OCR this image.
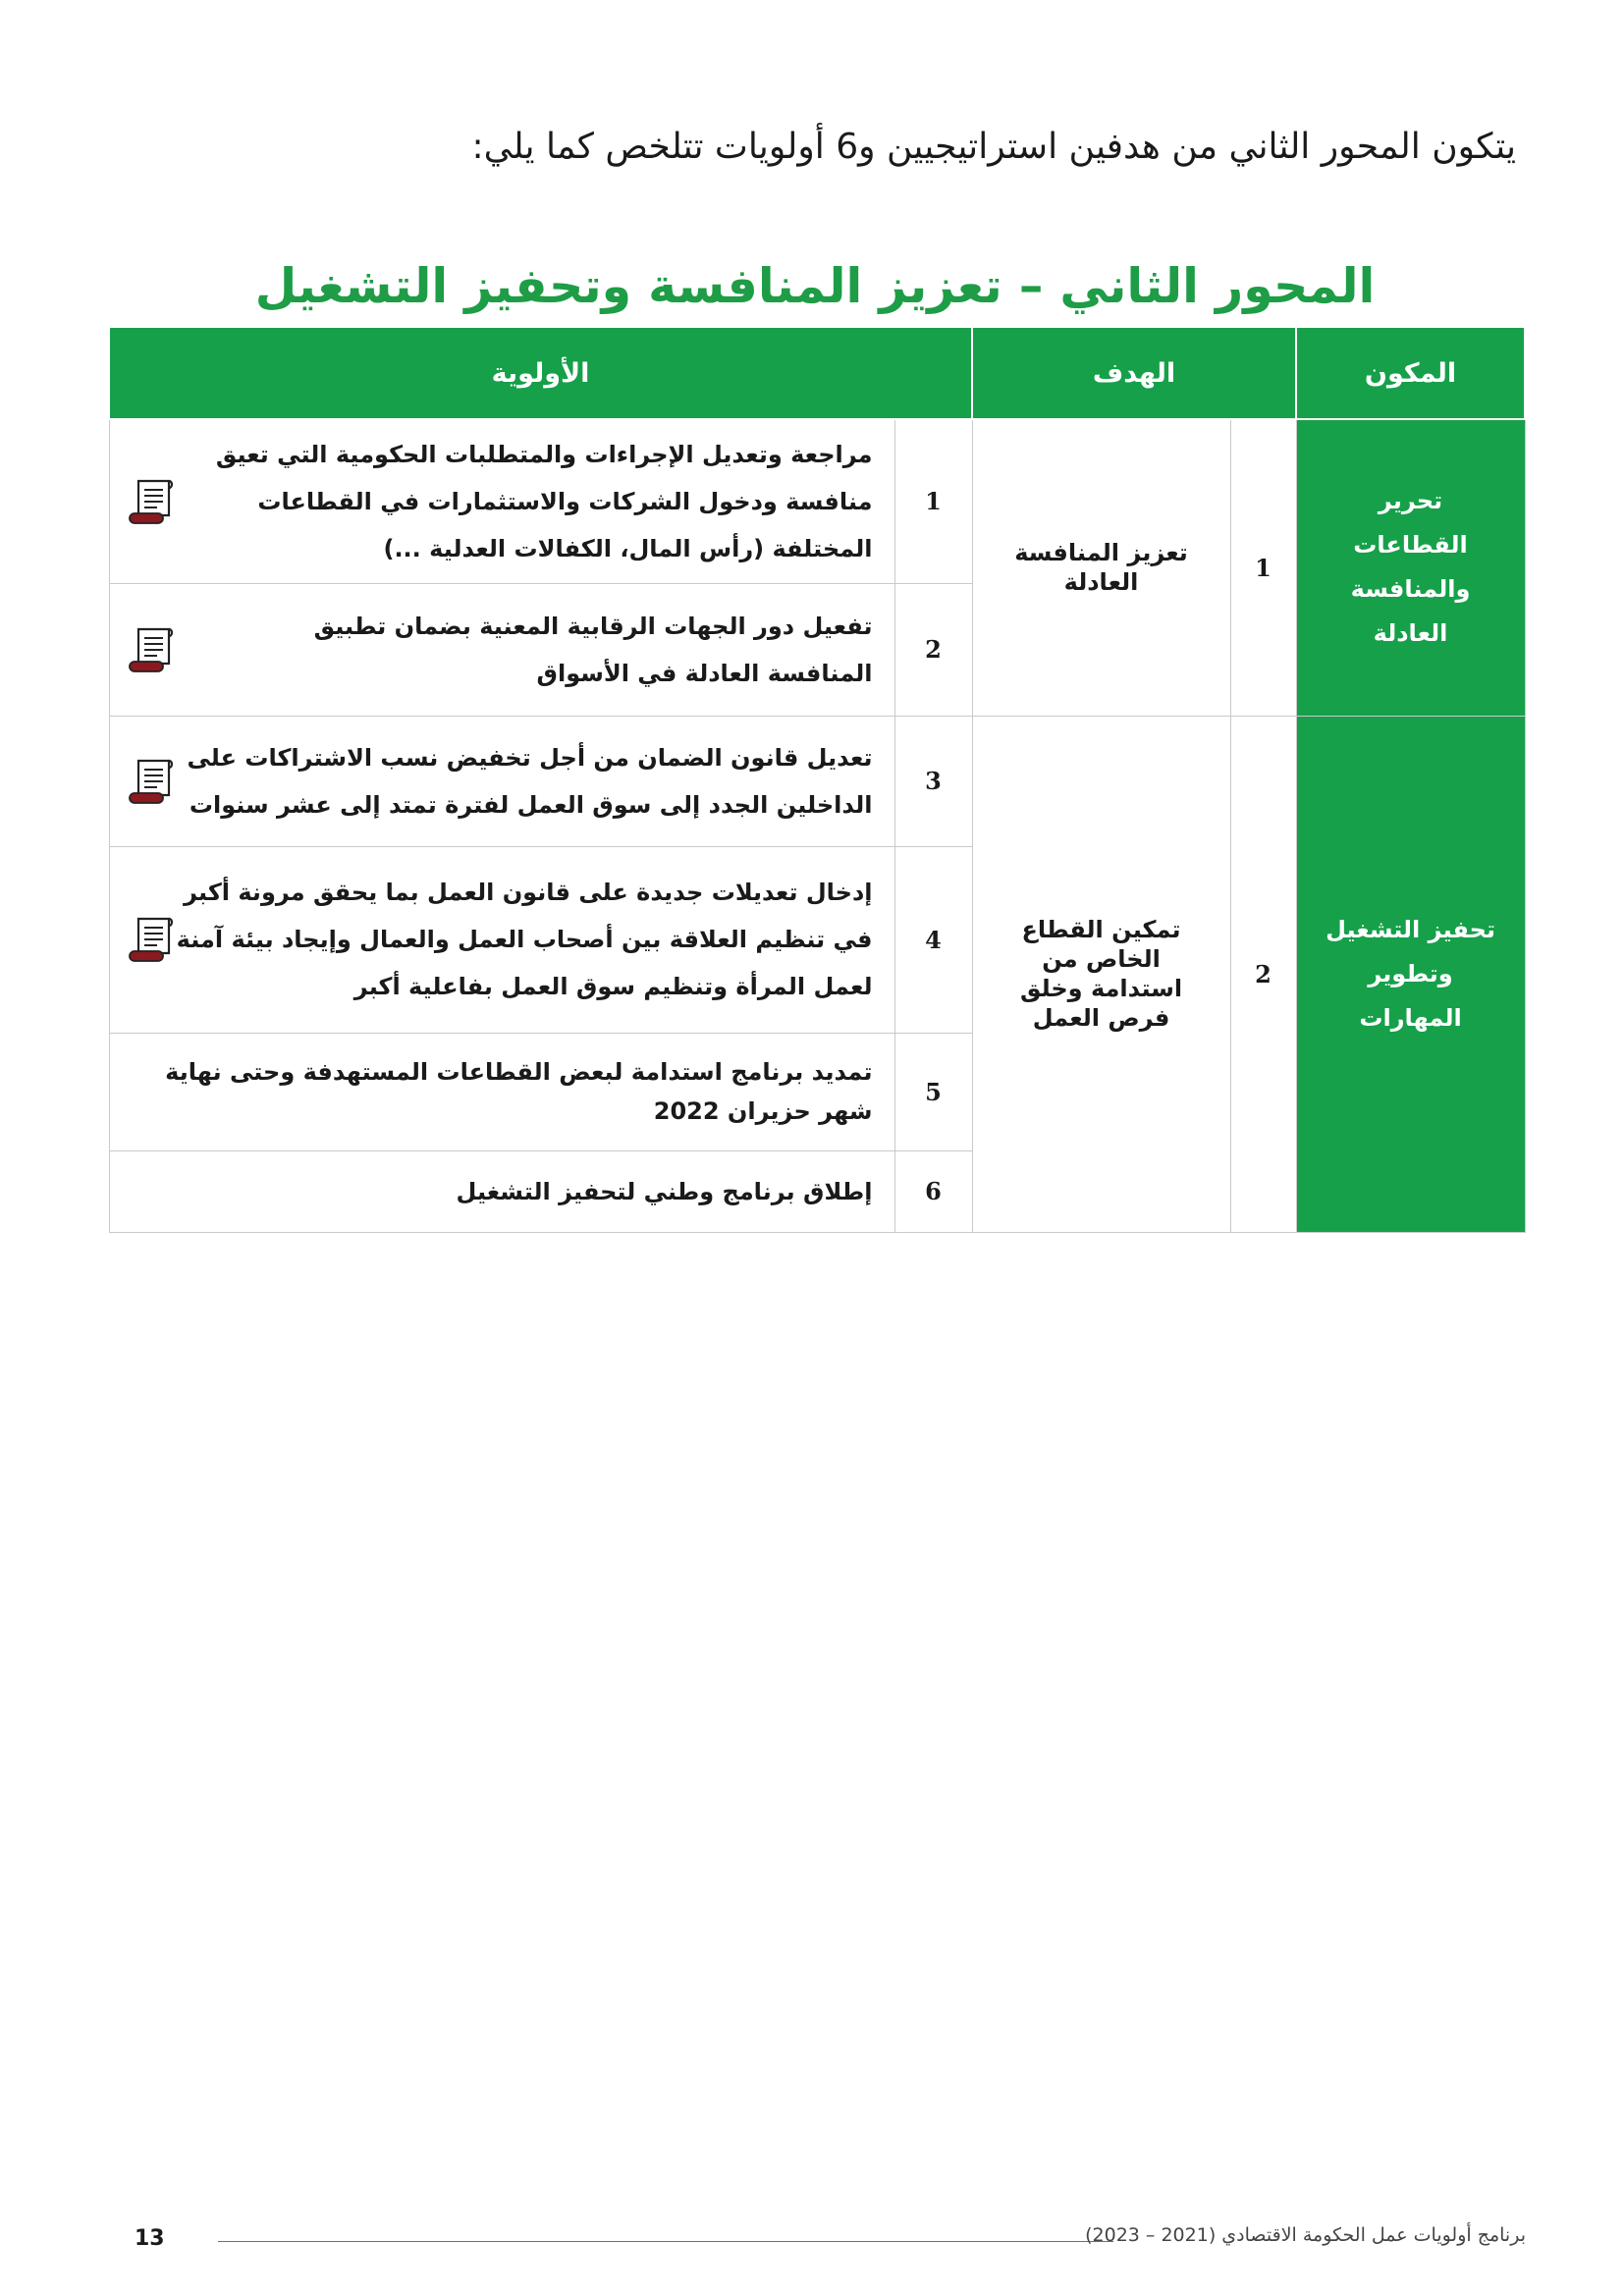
يتكون المحور الثاني من هدفين استراتيجيين و6 أولويات تتلخص كما يلي:
المحور الثاني – تعزيز المنافسة وتحفيز التشغيل
المكون	الهدف		الأولوية	

تحرير القطاعات والمنافسة العادلة	1	تعزيز المنافسة العادلة	1	مراجعة وتعديل الإجراءات والمتطلبات الحكومية التي تعيق منافسة ودخول الشركات والاستثمارات في القطاعات المختلفة (رأس المال، الكفالات العدلية ...)

			2	تفعيل دور الجهات الرقابية المعنية بضمان تطبيق المنافسة العادلة في الأسواق

تحفيز التشغيل وتطوير المهارات	2	تمكين القطاع الخاص من استدامة وخلق فرص العمل	3	تعديل قانون الضمان من أجل تخفيض نسب الاشتراكات على الداخلين الجدد إلى سوق العمل لفترة تمتد إلى عشر سنوات

			4	إدخال تعديلات جديدة على قانون العمل بما يحقق مرونة أكبر في تنظيم العلاقة بين أصحاب العمل والعمال وإيجاد بيئة آمنة لعمل المرأة وتنظيم سوق العمل بفاعلية أكبر

			5	تمديد برنامج استدامة لبعض القطاعات المستهدفة وحتى نهاية شهر حزيران 2022

			6	إطلاق برنامج وطني لتحفيز التشغيل
13	برنامج أولويات عمل الحكومة الاقتصادي (2021 – 2023)
